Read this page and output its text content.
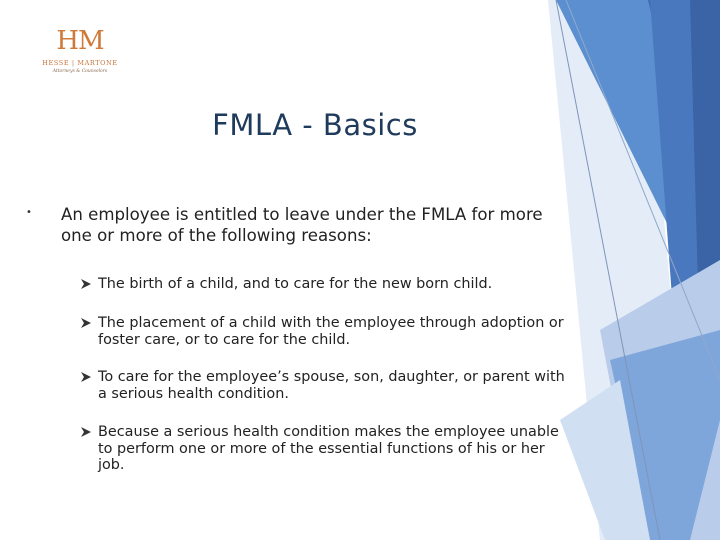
HM
HESSE | MARTONE
Attorneys & Counselors
FMLA - Basics
• An employee is entitled to leave under the FMLA for more one or more of the following reasons:
The birth of a child, and to care for the new born child.
The placement of a child with the employee through adoption or foster care, or to care for the child.
To care for the employee’s spouse, son, daughter, or parent with a serious health condition.
Because a serious health condition makes the employee unable to perform one or more of the essential functions of his or her job.
